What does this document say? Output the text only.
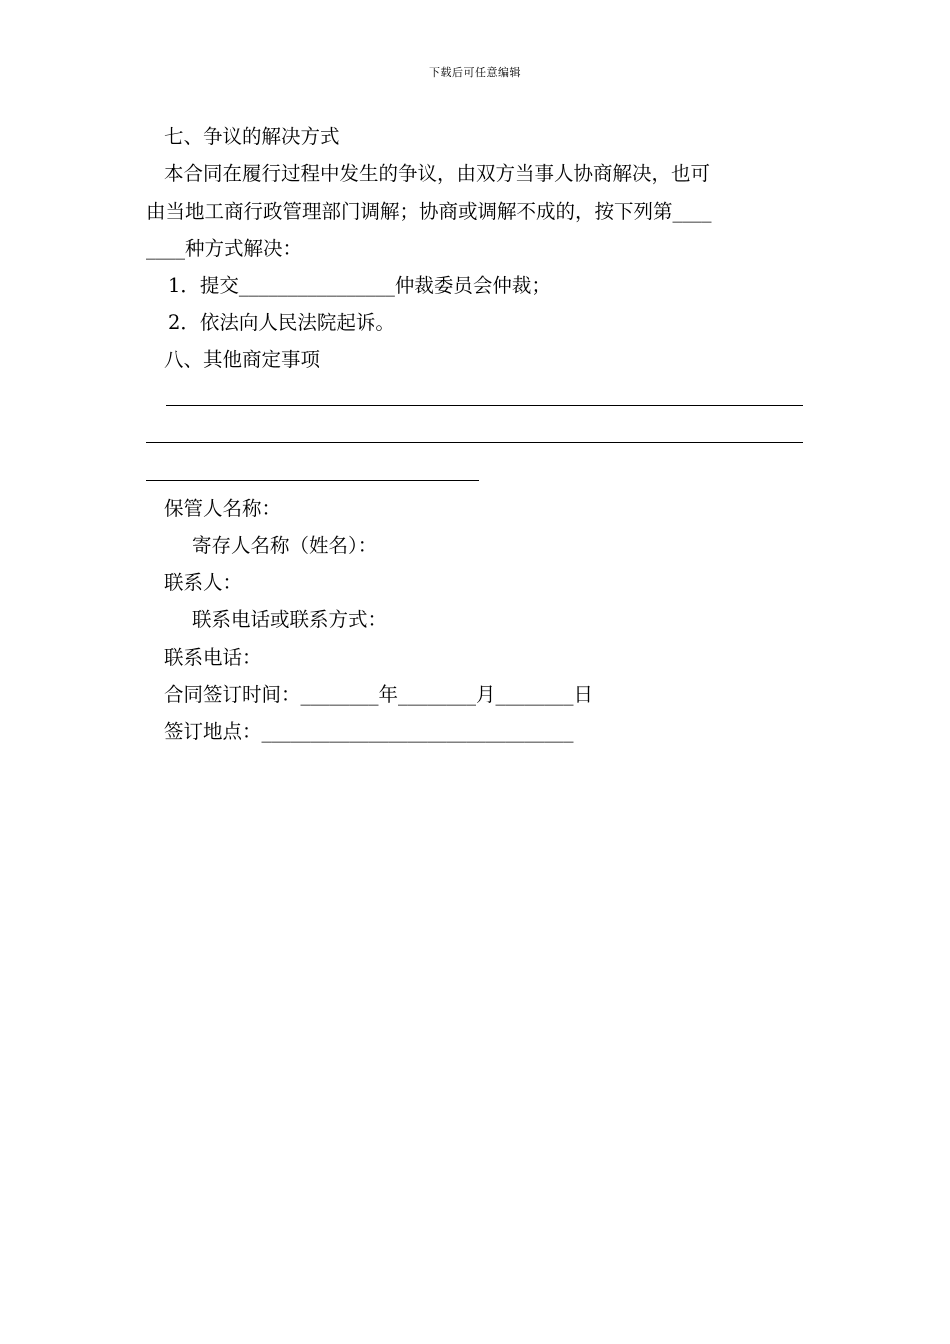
下载后可任意编辑
七、争议的解决方式
本合同在履行过程中发生的争议，由双方当事人协商解决，也可
由当地工商行政管理部门调解；协商或调解不成的，按下列第____
____种方式解决：
1．提交________________仲裁委员会仲裁；
2．依法向人民法院起诉。
八、其他商定事项
保管人名称：
寄存人名称（姓名）：
联系人：
联系电话或联系方式：
联系电话：
合同签订时间：________年________月________日
签订地点：________________________________
